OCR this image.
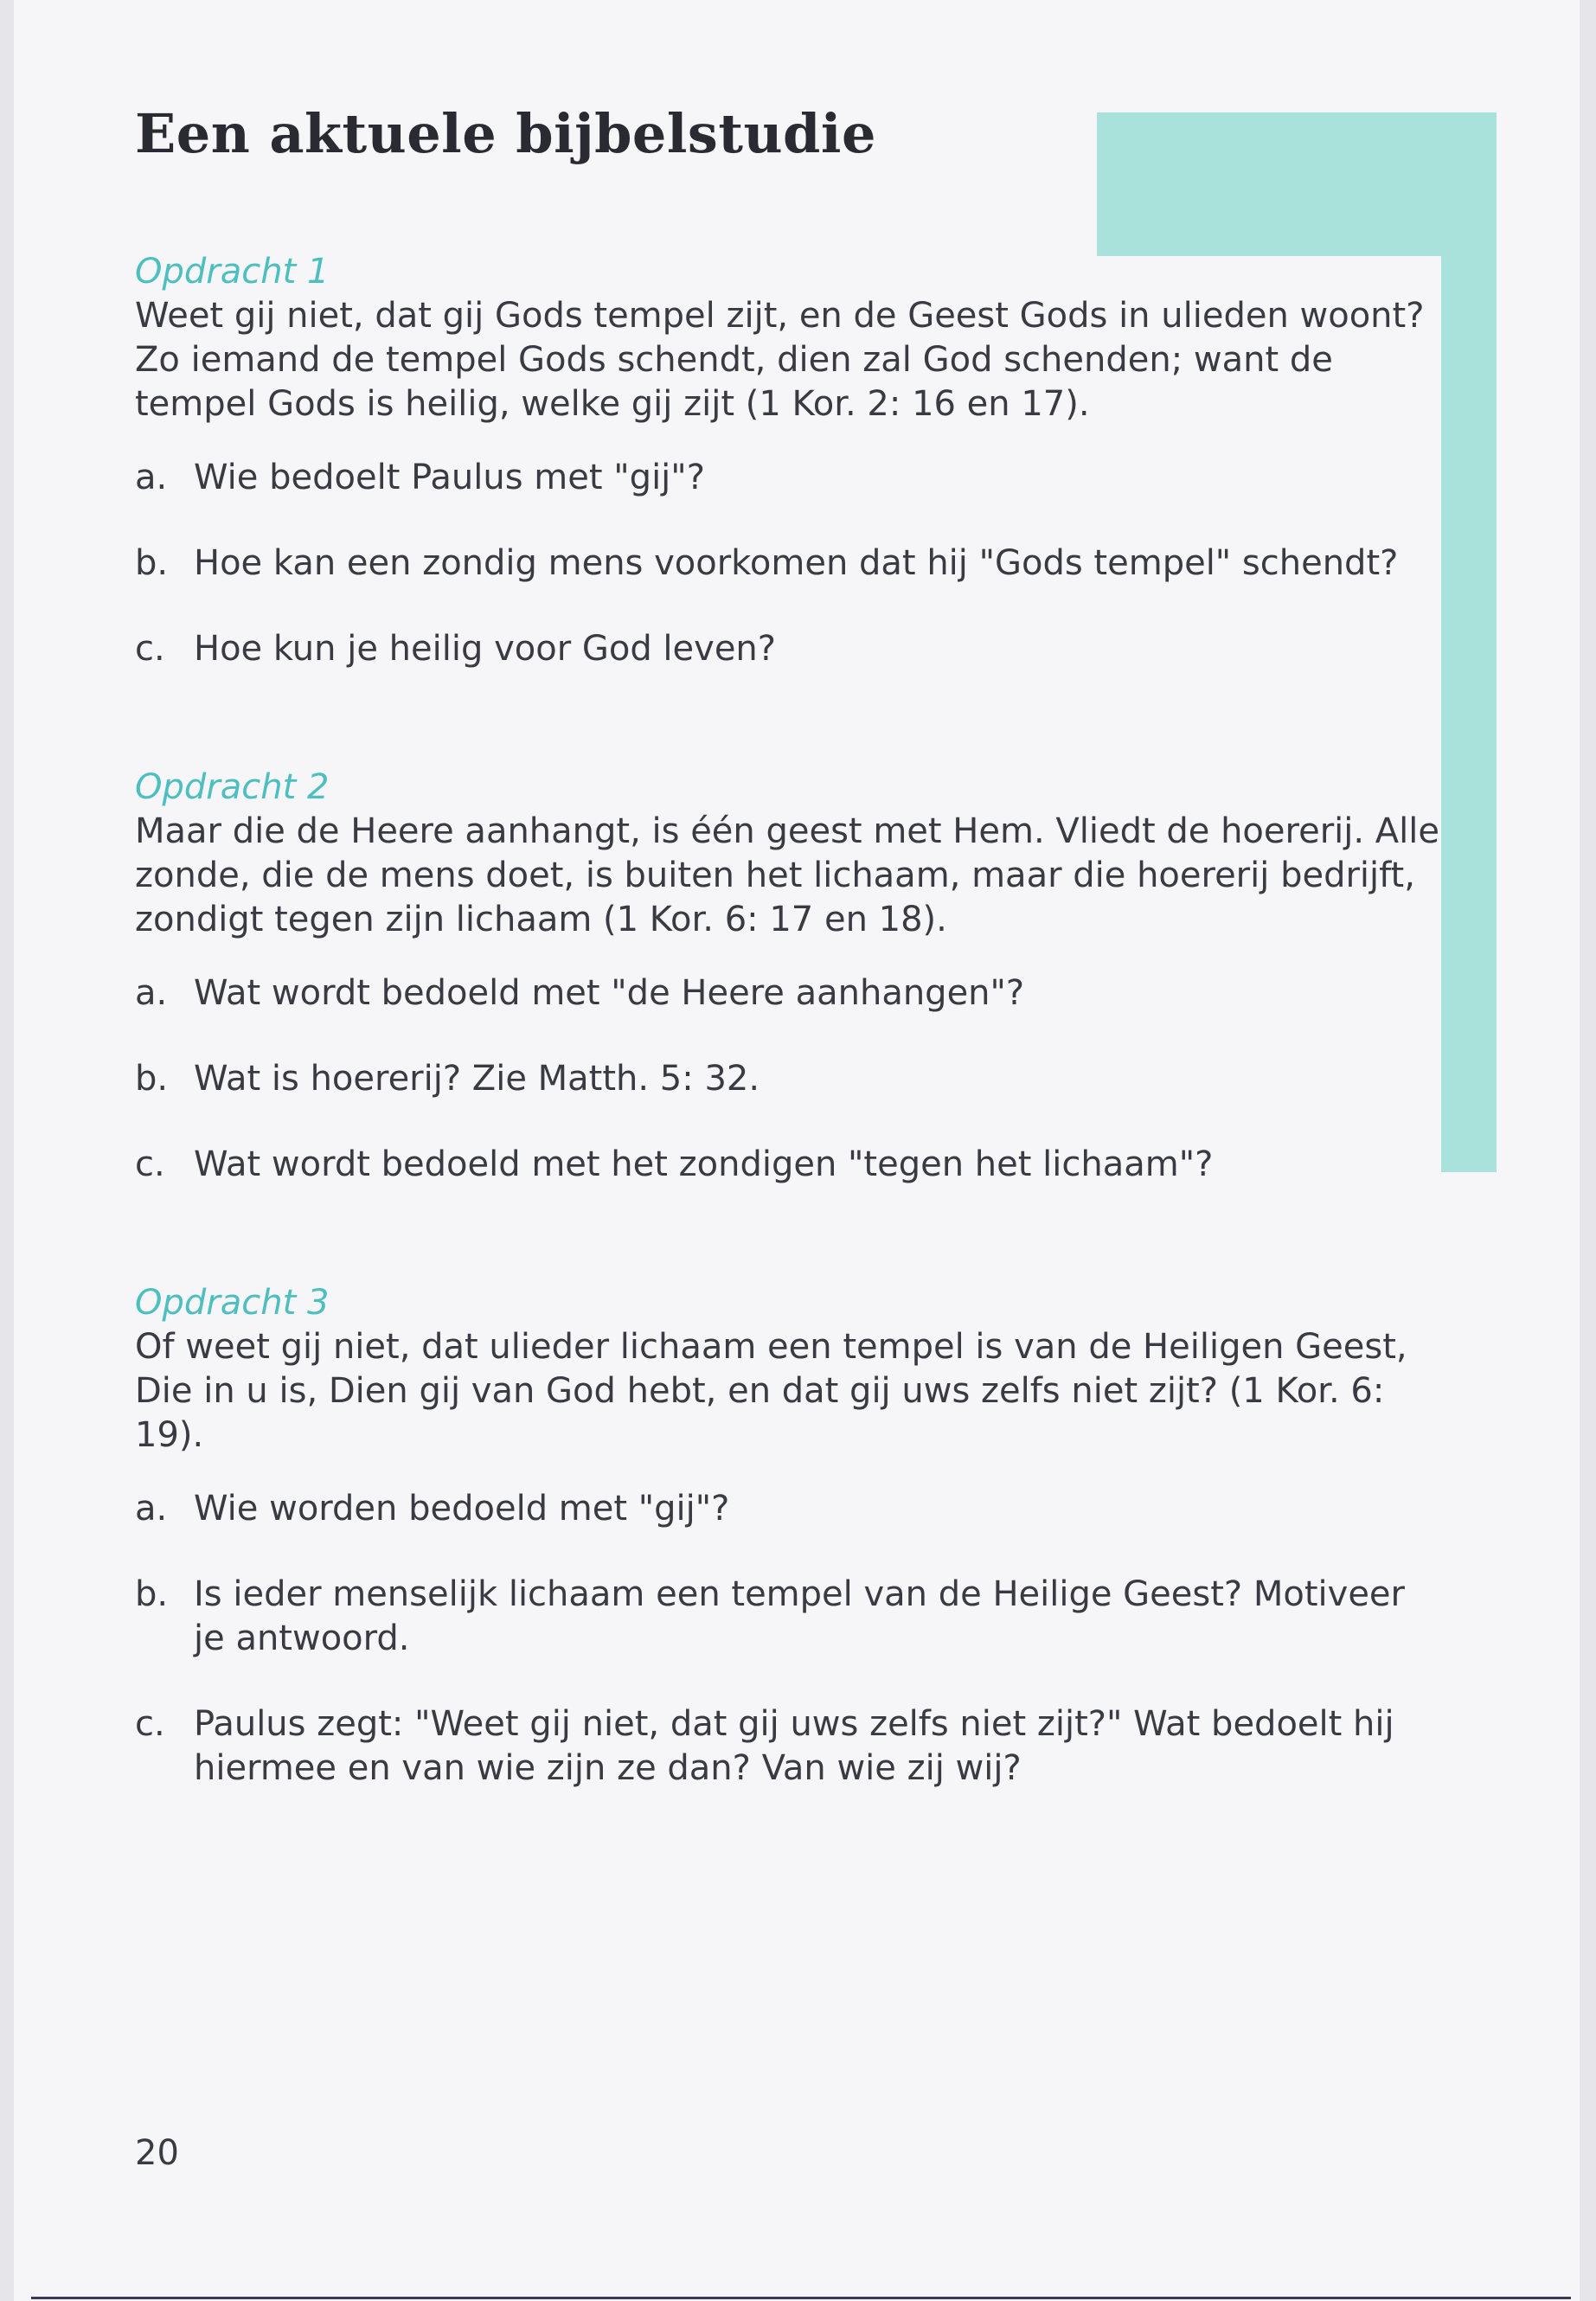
Een aktuele bijbelstudie
Opdracht 1
Weet gij niet, dat gij Gods tempel zijt, en de Geest Gods in ulieden woont? Zo iemand de tempel Gods schendt, dien zal God schenden; want de tempel Gods is heilig, welke gij zijt (1 Kor. 2: 16 en 17).
a. Wie bedoelt Paulus met "gij"?
b. Hoe kan een zondig mens voorkomen dat hij "Gods tempel" schendt?
c. Hoe kun je heilig voor God leven?
Opdracht 2
Maar die de Heere aanhangt, is één geest met Hem. Vliedt de hoererij. Alle zonde, die de mens doet, is buiten het lichaam, maar die hoererij bedrijft, zondigt tegen zijn lichaam (1 Kor. 6: 17 en 18).
a. Wat wordt bedoeld met "de Heere aanhangen"?
b. Wat is hoererij? Zie Matth. 5: 32.
c. Wat wordt bedoeld met het zondigen "tegen het lichaam"?
Opdracht 3
Of weet gij niet, dat ulieder lichaam een tempel is van de Heiligen Geest, Die in u is, Dien gij van God hebt, en dat gij uws zelfs niet zijt? (1 Kor. 6: 19).
a. Wie worden bedoeld met "gij"?
b. Is ieder menselijk lichaam een tempel van de Heilige Geest? Motiveer je antwoord.
c. Paulus zegt: "Weet gij niet, dat gij uws zelfs niet zijt?" Wat bedoelt hij hiermee en van wie zijn ze dan? Van wie zij wij?
20
